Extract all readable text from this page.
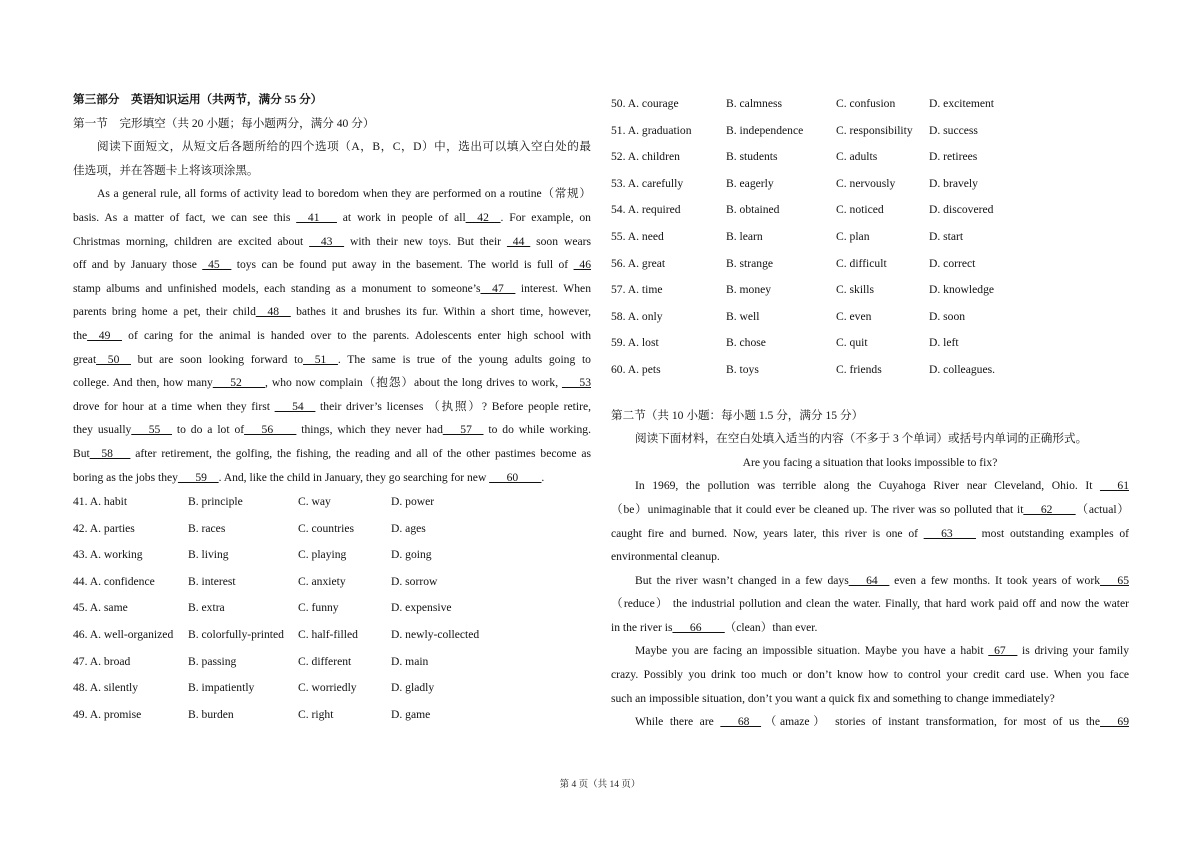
第三部分　英语知识运用（共两节，满分 55 分）
第一节　完形填空（共 20 小题；每小题两分，满分 40 分）
阅读下面短文，从短文后各题所给的四个选项（A，B，C，D）中，选出可以填入空白处的最
佳选项，并在答题卡上将该项涂黑。
As a general rule, all forms of activity lead to boredom when they are performed on a routine（常规）
basis. As a matter of fact, we can see this __41___ at work in people of all__42__. For example, on
Christmas morning, children are excited about __43__ with their new toys. But their _44_ soon wears
off and by January those _45__ toys can be found put away in the basement. The world is full of _46
stamp albums and unfinished models, each standing as a monument to someone’s__47__ interest. When
parents bring home a pet, their child__48__ bathes it and brushes its fur. Within a short time, however,
the__49__ of caring for the animal is handed over to the parents. Adolescents enter high school with
great__50__ but are soon looking forward to__51__. The same is true of the young adults going to
college. And then, how many___52____, who now complain（抱怨）about the long drives to work, ___53
drove for hour at a time when they first ___54__ their driver’s licenses （执照）? Before people retire,
they usually___55__ to do a lot of___56____ things, which they never had___57__ to do while working.
But__58___ after retirement, the golfing, the fishing, the reading and all of the other pastimes become as
boring as the jobs they___59__. And, like the child in January, they go searching for new ___60____.
41. A. habit	B. principle	C. way	D. power
42. A. parties	B. races	C. countries	D. ages
43. A. working	B. living	C. playing	D. going
44. A. confidence	B. interest	C. anxiety	D. sorrow
45. A. same	B. extra	C. funny	D. expensive
46. A. well-organized B. colorfully-printed C. half-filled	D. newly-collected
47. A. broad	B. passing	C. different	D. main
48. A. silently	B. impatiently	C. worriedly	D. gladly
49. A. promise	B. burden	C. right	D. game
50. A. courage	B. calmness	C. confusion	D. excitement
51. A. graduation	B. independence	C. responsibility D. success
52. A. children	B. students	C. adults	D. retirees
53. A. carefully	B. eagerly	C. nervously	D. bravely
54. A. required	B. obtained	C. noticed	D. discovered
55. A. need	B. learn	C. plan	D. start
56. A. great	B. strange	C. difficult	D. correct
57. A. time	B. money	C. skills	D. knowledge
58. A. only	B. well	C. even	D. soon
59. A. lost	B. chose	C. quit	D. left
60. A. pets	B. toys	C. friends	D. colleagues.
第二节（共 10 小题：每小题 1.5 分，满分 15 分）
阅读下面材料，在空白处填入适当的内容（不多于 3 个单词）或括号内单词的正确形式。
Are you facing a situation that looks impossible to fix?
In 1969, the pollution was terrible along the Cuyahoga River near Cleveland, Ohio. It ___61
（be）unimaginable that it could ever be cleaned up. The river was so polluted that it___62____（actual）
caught fire and burned. Now, years later, this river is one of ___63____ most outstanding examples of
environmental cleanup.
But the river wasn’t changed in a few days___64__ even a few months. It took years of work___65
（reduce） the industrial pollution and clean the water. Finally, that hard work paid off and now the water
in the river is___66____（clean）than ever.
Maybe you are facing an impossible situation. Maybe you have a habit _67__ is driving your family
crazy. Possibly you drink too much or don’t know how to control your credit card use. When you face
such an impossible situation, don’t you want a quick fix and something to change immediately?
While there are ___68__（amaze） stories of instant transformation, for most of us the___69
第 4 页（共 14 页）
